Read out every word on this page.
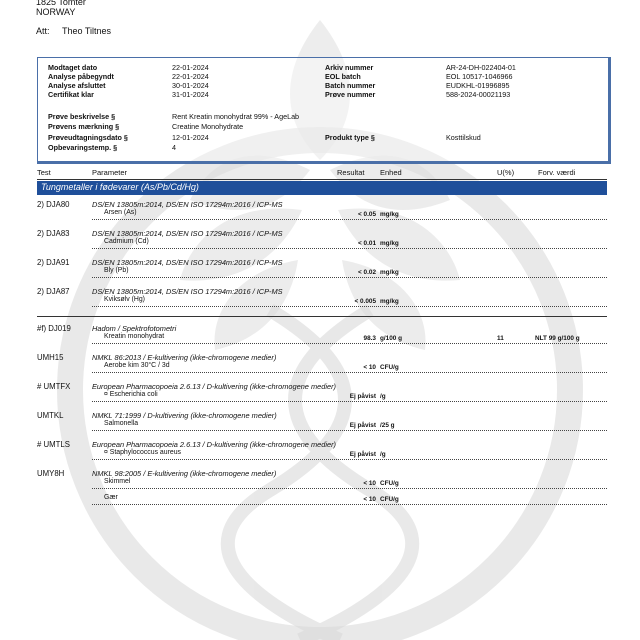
1825 Tomter
NORWAY
Att: Theo Tiltnes
Modtaget dato	22-01-2024
Analyse påbegyndt	22-01-2024
Analyse afsluttet	30-01-2024
Certifikat klar	31-01-2024
Arkiv nummer	AR-24-DH-022404-01
EOL batch	EOL 10517-1046966
Batch nummer	EUDKHL-01996895
Prøve nummer	588-2024-00021193
Prøve beskrivelse §	Rent Kreatin monohydrat 99% - AgeLab
Prøvens mærkning §	Creatine Monohydrate
Prøveudtagningsdato §	12-01-2024	Produkt type §	Kosttilskud
Opbevaringstemp. §	4
Test	Parameter	Resultat Enhed	U(%)	Forv. værdi
Tungmetaller i fødevarer (As/Pb/Cd/Hg)
2) DJA80	DS/EN 13805m:2014, DS/EN ISO 17294m:2016 / ICP-MS
Arsen (As)	< 0.05 mg/kg
2) DJA83	DS/EN 13805m:2014, DS/EN ISO 17294m:2016 / ICP-MS
Cadmium (Cd)	< 0.01 mg/kg
2) DJA91	DS/EN 13805m:2014, DS/EN ISO 17294m:2016 / ICP-MS
Bly (Pb)	< 0.02 mg/kg
2) DJA87	DS/EN 13805m:2014, DS/EN ISO 17294m:2016 / ICP-MS
Kviksølv (Hg)	< 0.005 mg/kg
#f) DJ019	Hadom / Spektrofotometri
Kreatin monohydrat	98.3 g/100 g	11	NLT 99 g/100 g
UMH15	NMKL 86:2013 / E-kultivering (ikke-chromogene medier)
Aerobe kim 30°C / 3d	< 10 CFU/g
# UMTFX	European Pharmacopoeia 2.6.13 / D-kultivering (ikke-chromogene medier)
¤ Escherichia coli	Ej påvist /g
UMTKL	NMKL 71:1999 / D-kultivering (ikke-chromogene medier)
Salmonella	Ej påvist /25 g
# UMTLS	European Pharmacopoeia 2.6.13 / D-kultivering (ikke-chromogene medier)
¤ Staphylococcus aureus	Ej påvist /g
UMY8H	NMKL 98:2005 / E-kultivering (ikke-chromogene medier)
Skimmel	< 10 CFU/g
Gær	< 10 CFU/g
